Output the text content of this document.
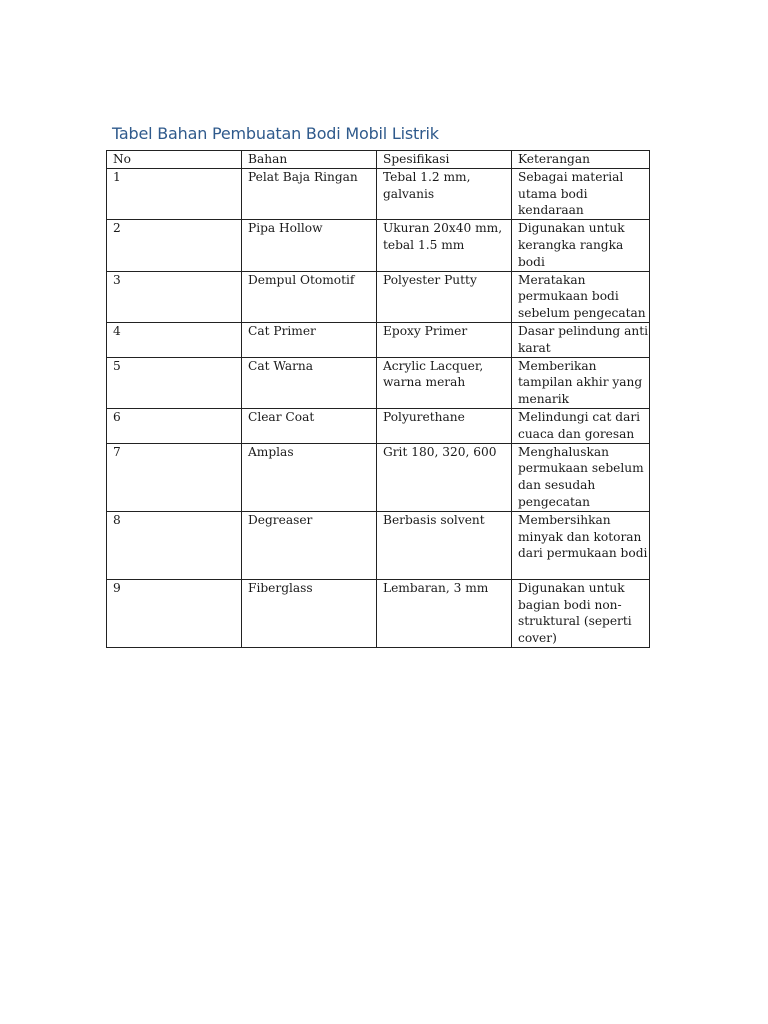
Tabel Bahan Pembuatan Bodi Mobil Listrik
No	Bahan	Spesifikasi	Keterangan
1	Pelat Baja Ringan	Tebal 1.2 mm, galvanis	Sebagai material utama bodi kendaraan
2	Pipa Hollow	Ukuran 20x40 mm, tebal 1.5 mm	Digunakan untuk kerangka rangka bodi
3	Dempul Otomotif	Polyester Putty	Meratakan permukaan bodi sebelum pengecatan
4	Cat Primer	Epoxy Primer	Dasar pelindung anti karat
5	Cat Warna	Acrylic Lacquer, warna merah	Memberikan tampilan akhir yang menarik
6	Clear Coat	Polyurethane	Melindungi cat dari cuaca dan goresan
7	Amplas	Grit 180, 320, 600	Menghaluskan permukaan sebelum dan sesudah pengecatan
8	Degreaser	Berbasis solvent	Membersihkan minyak dan kotoran dari permukaan bodi
9	Fiberglass	Lembaran, 3 mm	Digunakan untuk bagian bodi non-struktural (seperti cover)
